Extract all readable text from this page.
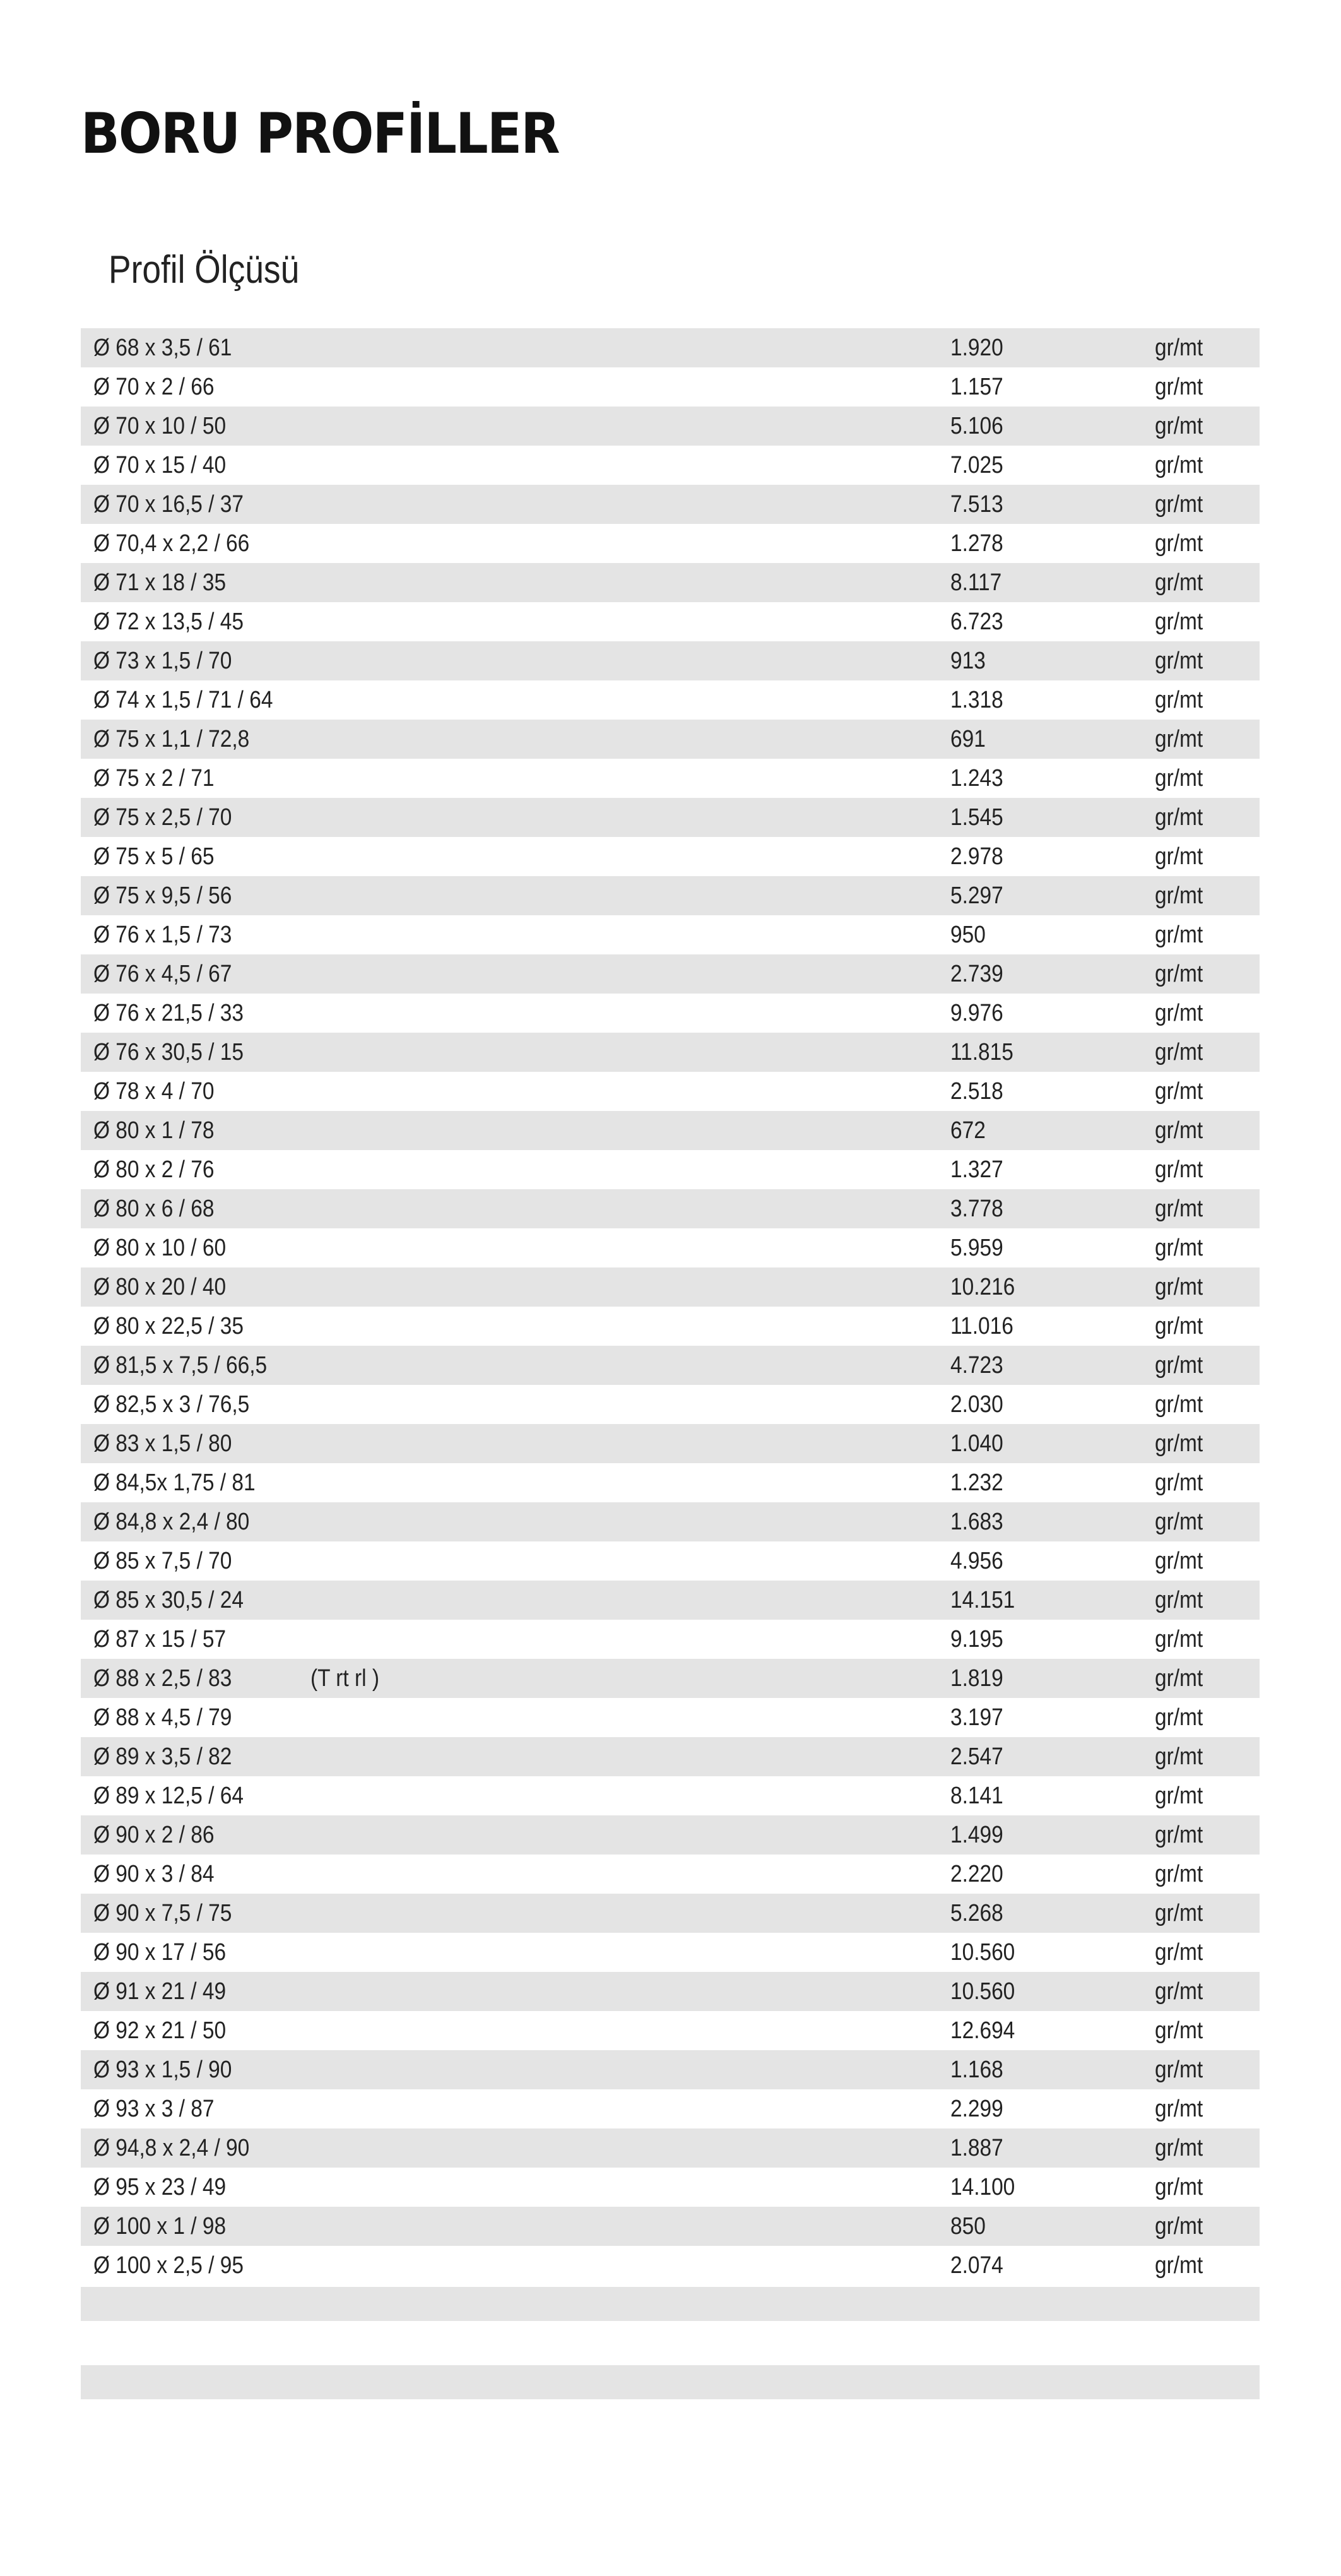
BORU PROFİLLER
Profil Ölçüsü
Ø 68 x 3,5 / 61	1.920	gr/mt
Ø 70 x 2 / 66	1.157	gr/mt
Ø 70 x 10 / 50	5.106	gr/mt
Ø 70 x 15 / 40	7.025	gr/mt
Ø 70 x 16,5 / 37	7.513	gr/mt
Ø 70,4 x 2,2 / 66	1.278	gr/mt
Ø 71 x 18 / 35	8.117	gr/mt
Ø 72 x 13,5 / 45	6.723	gr/mt
Ø 73 x 1,5 / 70	913	gr/mt
Ø 74 x 1,5 / 71 / 64	1.318	gr/mt
Ø 75 x 1,1 / 72,8	691	gr/mt
Ø 75 x 2 / 71	1.243	gr/mt
Ø 75 x 2,5 / 70	1.545	gr/mt
Ø 75 x 5 / 65	2.978	gr/mt
Ø 75 x 9,5 / 56	5.297	gr/mt
Ø 76 x 1,5 / 73	950	gr/mt
Ø 76 x 4,5 / 67	2.739	gr/mt
Ø 76 x 21,5 / 33	9.976	gr/mt
Ø 76 x 30,5 / 15	11.815	gr/mt
Ø 78 x 4 / 70	2.518	gr/mt
Ø 80 x 1 / 78	672	gr/mt
Ø 80 x 2 / 76	1.327	gr/mt
Ø 80 x 6 / 68	3.778	gr/mt
Ø 80 x 10 / 60	5.959	gr/mt
Ø 80 x 20 / 40	10.216	gr/mt
Ø 80 x 22,5 / 35	11.016	gr/mt
Ø 81,5 x 7,5 / 66,5	4.723	gr/mt
Ø 82,5 x 3 / 76,5	2.030	gr/mt
Ø 83 x 1,5 / 80	1.040	gr/mt
Ø 84,5x 1,75 / 81	1.232	gr/mt
Ø 84,8 x 2,4 / 80	1.683	gr/mt
Ø 85 x 7,5 / 70	4.956	gr/mt
Ø 85 x 30,5 / 24	14.151	gr/mt
Ø 87 x 15 / 57	9.195	gr/mt
Ø 88 x 2,5 / 83	(T rt rl )	1.819	gr/mt
Ø 88 x 4,5 / 79	3.197	gr/mt
Ø 89 x 3,5 / 82	2.547	gr/mt
Ø 89 x 12,5 / 64	8.141	gr/mt
Ø 90 x 2 / 86	1.499	gr/mt
Ø 90 x 3 / 84	2.220	gr/mt
Ø 90 x 7,5 / 75	5.268	gr/mt
Ø 90 x 17 / 56	10.560	gr/mt
Ø 91 x 21 / 49	10.560	gr/mt
Ø 92 x 21 / 50	12.694	gr/mt
Ø 93 x 1,5 / 90	1.168	gr/mt
Ø 93 x 3 / 87	2.299	gr/mt
Ø 94,8 x 2,4 / 90	1.887	gr/mt
Ø 95 x 23 / 49	14.100	gr/mt
Ø 100 x 1 / 98	850	gr/mt
Ø 100 x 2,5 / 95	2.074	gr/mt
